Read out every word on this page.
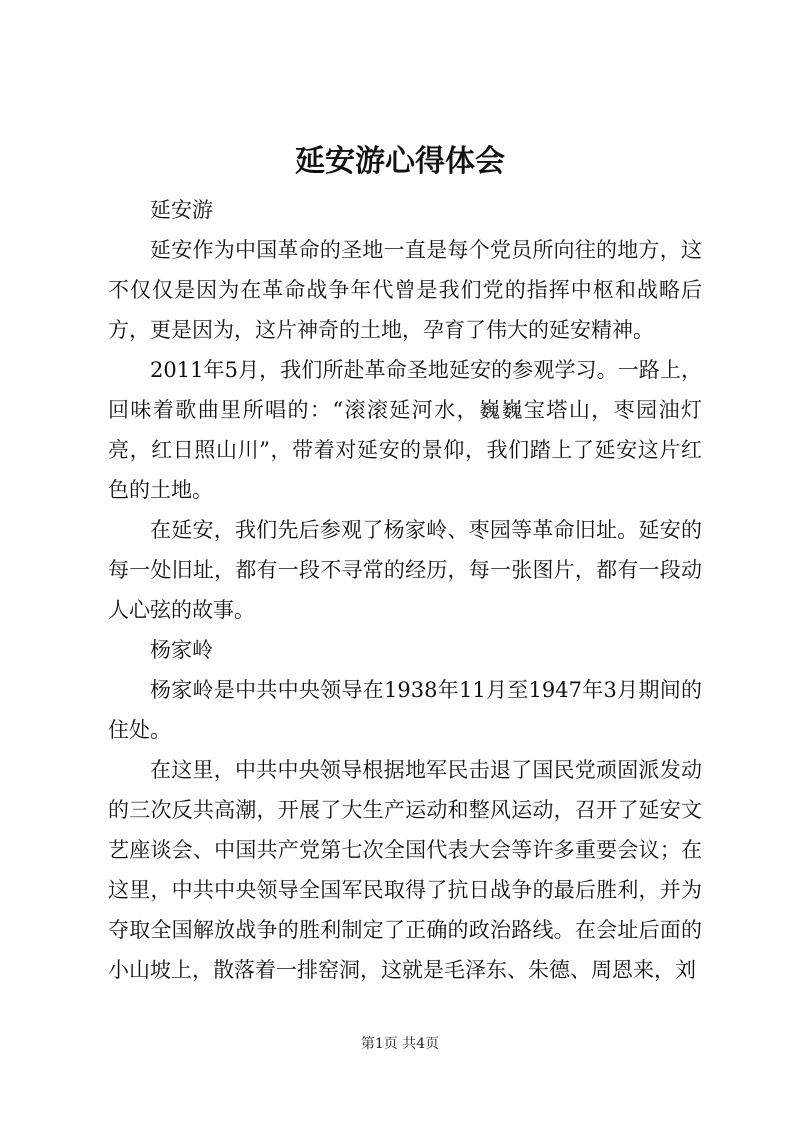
延安游心得体会

延安游

延安作为中国革命的圣地一直是每个党员所向往的地方，这不仅仅是因为在革命战争年代曾是我们党的指挥中枢和战略后方，更是因为，这片神奇的土地，孕育了伟大的延安精神。

2011年5月，我们所赴革命圣地延安的参观学习。一路上，回味着歌曲里所唱的：“滚滚延河水，巍巍宝塔山，枣园油灯亮，红日照山川”，带着对延安的景仰，我们踏上了延安这片红色的土地。

在延安，我们先后参观了杨家岭、枣园等革命旧址。延安的每一处旧址，都有一段不寻常的经历，每一张图片，都有一段动人心弦的故事。

杨家岭

杨家岭是中共中央领导在1938年11月至1947年3月期间的住处。

在这里，中共中央领导根据地军民击退了国民党顽固派发动的三次反共高潮，开展了大生产运动和整风运动，召开了延安文艺座谈会、中国共产党第七次全国代表大会等许多重要会议；在这里，中共中央领导全国军民取得了抗日战争的最后胜利，并为夺取全国解放战争的胜利制定了正确的政治路线。在会址后面的小山坡上，散落着一排窑洞，这就是毛泽东、朱德、周恩来，刘

第1页 共4页
